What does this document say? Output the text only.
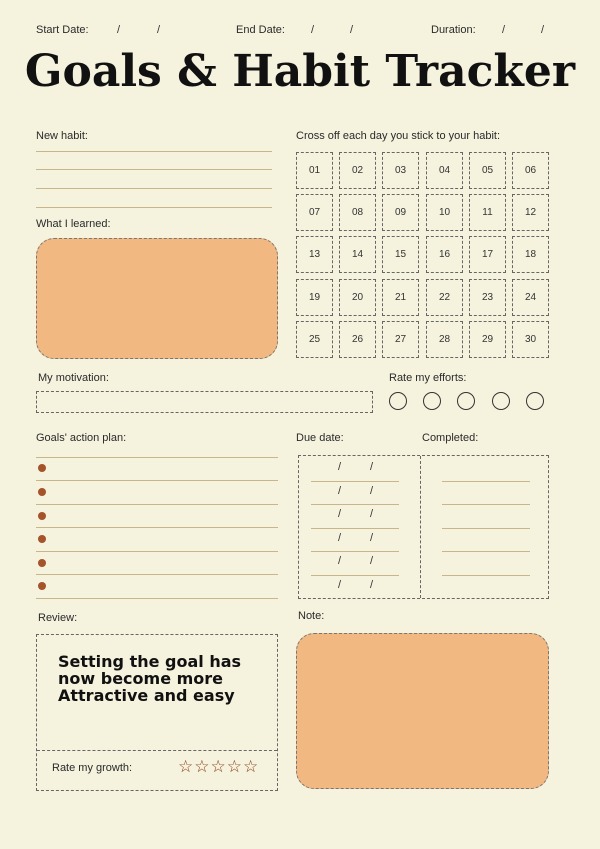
Start Date:	/	/	End Date: /	/	Duration: /	/
Goals & Habit Tracker
New habit:
What I learned:
Cross off each day you stick to your habit:
01	02	03	04	05	06
07	08	09	10	11	12
13	14	15	16	17	18
19	20	21	22	23	24
25	26	27	28	29	30
My motivation:	Rate my efforts:
Goals' action plan:	Due date:	Completed:
/	/
/	/
/	/
/	/
/	/
/	/
Review:
Setting the goal has
now become more
Attractive and easy
Rate my growth:	☆☆☆☆☆
Note:
